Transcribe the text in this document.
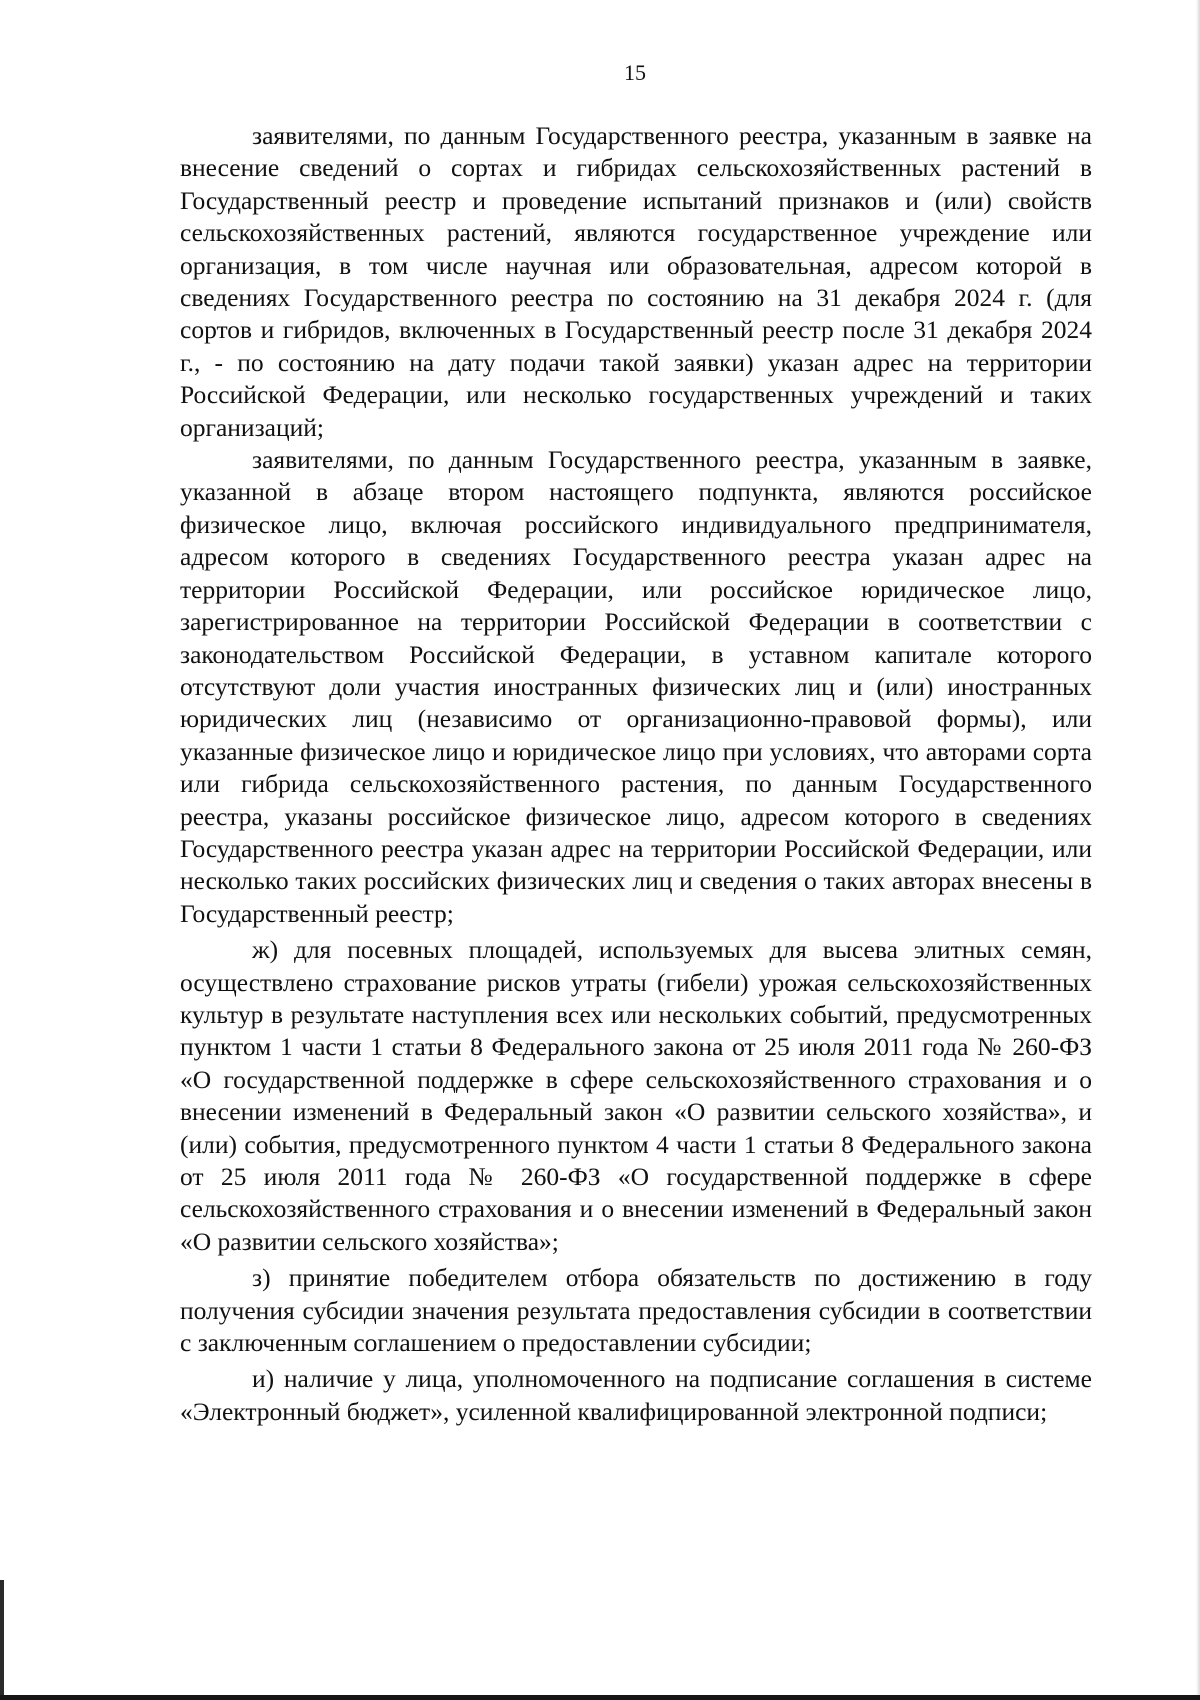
15

заявителями, по данным Государственного реестра, указанным в заявке на внесение сведений о сортах и гибридах сельскохозяйственных растений в Государственный реестр и проведение испытаний признаков и (или) свойств сельскохозяйственных растений, являются государственное учреждение или организация, в том числе научная или образовательная, адресом которой в сведениях Государственного реестра по состоянию на 31 декабря 2024 г. (для сортов и гибридов, включенных в Государственный реестр после 31 декабря 2024 г., - по состоянию на дату подачи такой заявки) указан адрес на территории Российской Федерации, или несколько государственных учреждений и таких организаций;

заявителями, по данным Государственного реестра, указанным в заявке, указанной в абзаце втором настоящего подпункта, являются российское физическое лицо, включая российского индивидуального предпринимателя, адресом которого в сведениях Государственного реестра указан адрес на территории Российской Федерации, или российское юридическое лицо, зарегистрированное на территории Российской Федерации в соответствии с законодательством Российской Федерации, в уставном капитале которого отсутствуют доли участия иностранных физических лиц и (или) иностранных юридических лиц (независимо от организационно-правовой формы), или указанные физическое лицо и юридическое лицо при условиях, что авторами сорта или гибрида сельскохозяйственного растения, по данным Государственного реестра, указаны российское физическое лицо, адресом которого в сведениях Государственного реестра указан адрес на территории Российской Федерации, или несколько таких российских физических лиц и сведения о таких авторах внесены в Государственный реестр;

ж) для посевных площадей, используемых для высева элитных семян, осуществлено страхование рисков утраты (гибели) урожая сельскохозяйственных культур в результате наступления всех или нескольких событий, предусмотренных пунктом 1 части 1 статьи 8 Федерального закона от 25 июля 2011 года № 260-ФЗ «О государственной поддержке в сфере сельскохозяйственного страхования и о внесении изменений в Федеральный закон «О развитии сельского хозяйства», и (или) события, предусмотренного пунктом 4 части 1 статьи 8 Федерального закона от 25 июля 2011 года № 260-ФЗ «О государственной поддержке в сфере сельскохозяйственного страхования и о внесении изменений в Федеральный закон «О развитии сельского хозяйства»;

з) принятие победителем отбора обязательств по достижению в году получения субсидии значения результата предоставления субсидии в соответствии с заключенным соглашением о предоставлении субсидии;

и) наличие у лица, уполномоченного на подписание соглашения в системе «Электронный бюджет», усиленной квалифицированной электронной подписи;
